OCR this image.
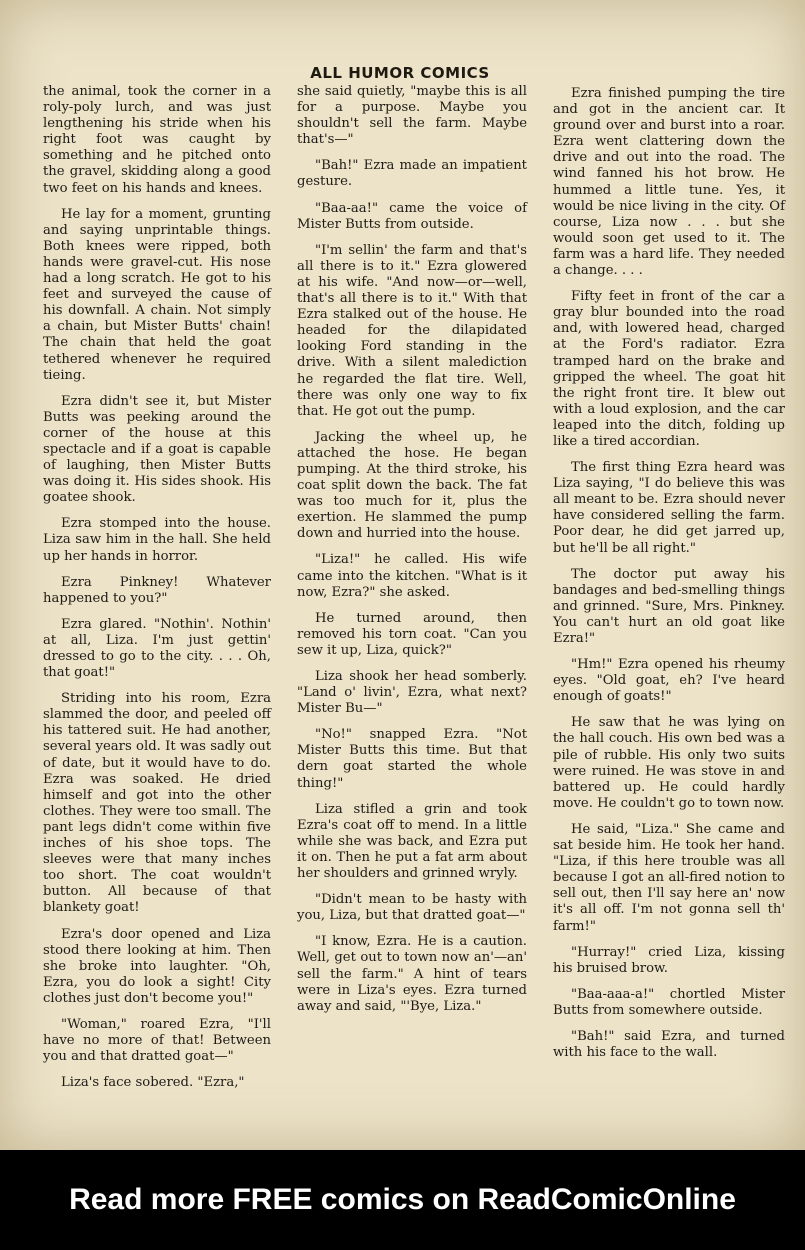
ALL HUMOR COMICS

the animal, took the corner in a roly-poly lurch, and was just lengthening his stride when his right foot was caught by something and he pitched onto the gravel, skidding along a good two feet on his hands and knees.

He lay for a moment, grunting and saying unprintable things. Both knees were ripped, both hands were gravel-cut. His nose had a long scratch. He got to his feet and surveyed the cause of his downfall. A chain. Not simply a chain, but Mister Butts' chain! The chain that held the goat tethered whenever he required tieing.

Ezra didn't see it, but Mister Butts was peeking around the corner of the house at this spectacle and if a goat is capable of laughing, then Mister Butts was doing it. His sides shook. His goatee shook.

Ezra stomped into the house. Liza saw him in the hall. She held up her hands in horror.

Ezra Pinkney! Whatever happened to you?"

Ezra glared. "Nothin'. Nothin' at all, Liza. I'm just gettin' dressed to go to the city. . . . Oh, that goat!"

Striding into his room, Ezra slammed the door, and peeled off his tattered suit. He had another, several years old. It was sadly out of date, but it would have to do. Ezra was soaked. He dried himself and got into the other clothes. They were too small. The pant legs didn't come within five inches of his shoe tops. The sleeves were that many inches too short. The coat wouldn't button. All because of that blankety goat!

Ezra's door opened and Liza stood there looking at him. Then she broke into laughter. "Oh, Ezra, you do look a sight! City clothes just don't become you!"

"Woman," roared Ezra, "I'll have no more of that! Between you and that dratted goat—"

Liza's face sobered. "Ezra,"

she said quietly, "maybe this is all for a purpose. Maybe you shouldn't sell the farm. Maybe that's—"

"Bah!" Ezra made an impatient gesture.

"Baa-aa!" came the voice of Mister Butts from outside.

"I'm sellin' the farm and that's all there is to it." Ezra glowered at his wife. "And now—or—well, that's all there is to it." With that Ezra stalked out of the house. He headed for the dilapidated looking Ford standing in the drive. With a silent malediction he regarded the flat tire. Well, there was only one way to fix that. He got out the pump.

Jacking the wheel up, he attached the hose. He began pumping. At the third stroke, his coat split down the back. The fat was too much for it, plus the exertion. He slammed the pump down and hurried into the house.

"Liza!" he called. His wife came into the kitchen. "What is it now, Ezra?" she asked.

He turned around, then removed his torn coat. "Can you sew it up, Liza, quick?"

Liza shook her head somberly. "Land o' livin', Ezra, what next? Mister Bu—"

"No!" snapped Ezra. "Not Mister Butts this time. But that dern goat started the whole thing!"

Liza stifled a grin and took Ezra's coat off to mend. In a little while she was back, and Ezra put it on. Then he put a fat arm about her shoulders and grinned wryly.

"Didn't mean to be hasty with you, Liza, but that dratted goat—"

"I know, Ezra. He is a caution. Well, get out to town now an'—an' sell the farm." A hint of tears were in Liza's eyes. Ezra turned away and said, "'Bye, Liza."

Ezra finished pumping the tire and got in the ancient car. It ground over and burst into a roar. Ezra went clattering down the drive and out into the road. The wind fanned his hot brow. He hummed a little tune. Yes, it would be nice living in the city. Of course, Liza now . . . but she would soon get used to it. The farm was a hard life. They needed a change. . . .

Fifty feet in front of the car a gray blur bounded into the road and, with lowered head, charged at the Ford's radiator. Ezra tramped hard on the brake and gripped the wheel. The goat hit the right front tire. It blew out with a loud explosion, and the car leaped into the ditch, folding up like a tired accordian.

The first thing Ezra heard was Liza saying, "I do believe this was all meant to be. Ezra should never have considered selling the farm. Poor dear, he did get jarred up, but he'll be all right."

The doctor put away his bandages and bed-smelling things and grinned. "Sure, Mrs. Pinkney. You can't hurt an old goat like Ezra!"

"Hm!" Ezra opened his rheumy eyes. "Old goat, eh? I've heard enough of goats!"

He saw that he was lying on the hall couch. His own bed was a pile of rubble. His only two suits were ruined. He was stove in and battered up. He could hardly move. He couldn't go to town now.

He said, "Liza." She came and sat beside him. He took her hand. "Liza, if this here trouble was all because I got an all-fired notion to sell out, then I'll say here an' now it's all off. I'm not gonna sell th' farm!"

"Hurray!" cried Liza, kissing his bruised brow.

"Baa-aaa-a!" chortled Mister Butts from somewhere outside.

"Bah!" said Ezra, and turned with his face to the wall.

Read more FREE comics on ReadComicOnline
